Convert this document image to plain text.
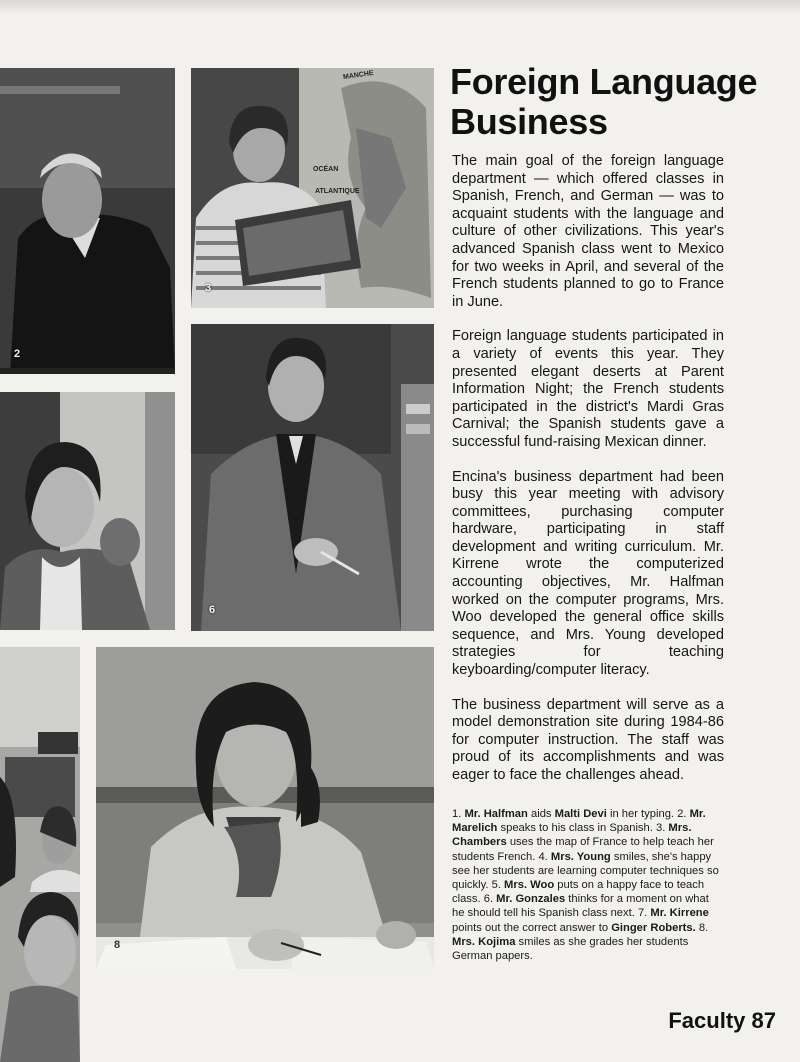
2
3
OCÉAN
ATLANTIQUE
MANCHE
6
8
Foreign Language
Business

The main goal of the foreign language department — which offered classes in Spanish, French, and German — was to acquaint students with the language and culture of other civilizations. This year's advanced Spanish class went to Mexico for two weeks in April, and several of the French students planned to go to France in June.

Foreign language students participated in a variety of events this year. They presented elegant deserts at Parent Information Night; the French students participated in the district's Mardi Gras Carnival; the Spanish students gave a successful fund-raising Mexican dinner.

Encina's business department had been busy this year meeting with advisory committees, purchasing computer hardware, participating in staff development and writing curriculum. Mr. Kirrene wrote the computerized accounting objectives, Mr. Halfman worked on the computer programs, Mrs. Woo developed the general office skills sequence, and Mrs. Young developed strategies for teaching keyboarding/computer literacy.

The business department will serve as a model demonstration site during 1984-86 for computer instruction. The staff was proud of its accomplishments and was eager to face the challenges ahead.

1. Mr. Halfman aids Malti Devi in her typing. 2. Mr. Marelich speaks to his class in Spanish. 3. Mrs. Chambers uses the map of France to help teach her students French. 4. Mrs. Young smiles, she's happy see her students are learning computer techniques so quickly. 5. Mrs. Woo puts on a happy face to teach class. 6. Mr. Gonzales thinks for a moment on what he should tell his Spanish class next. 7. Mr. Kirrene points out the correct answer to Ginger Roberts. 8. Mrs. Kojima smiles as she grades her students German papers.

Faculty 87
